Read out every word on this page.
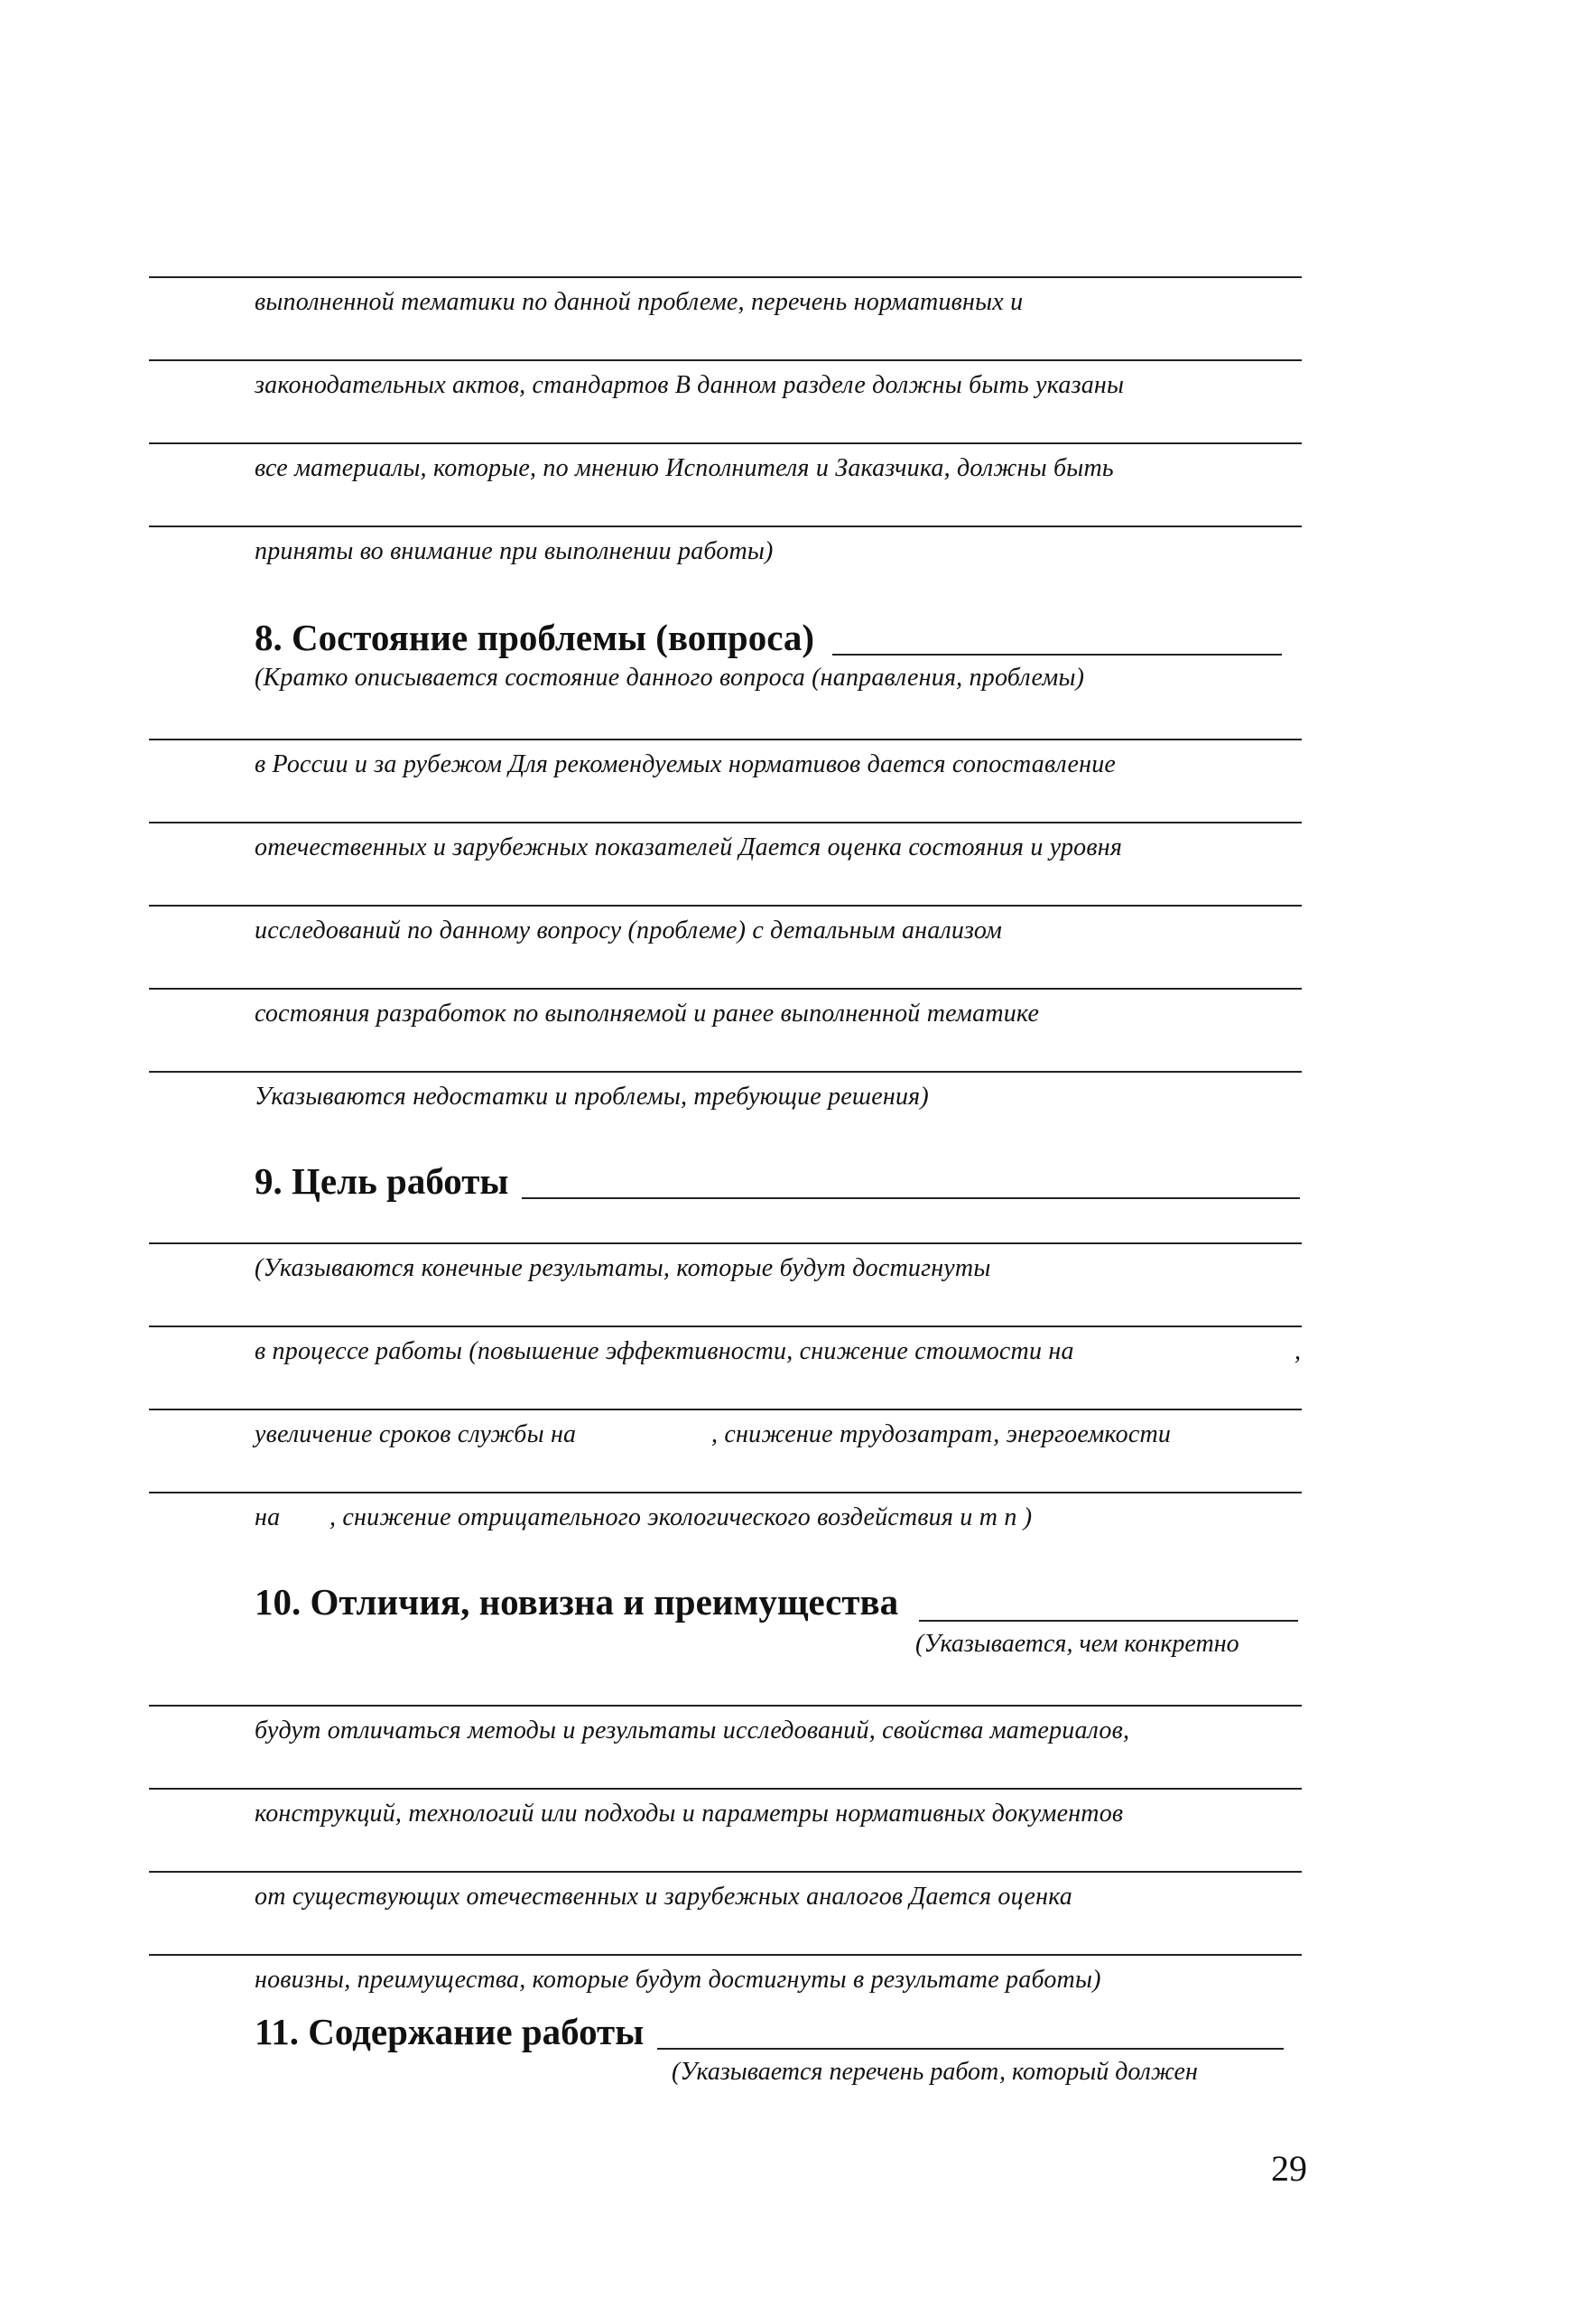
выполненной тематики по данной проблеме, перечень нормативных и
законодательных актов, стандартов В данном разделе должны быть указаны
все материалы, которые, по мнению Исполнителя и Заказчика, должны быть
приняты во внимание при выполнении работы)
8. Состояние проблемы (вопроса)
(Кратко описывается состояние данного вопроса (направления, проблемы)
в России и за рубежом Для рекомендуемых нормативов дается сопоставление
отечественных и зарубежных показателей Дается оценка состояния и уровня
исследований по данному вопросу (проблеме) с детальным анализом
состояния разработок по выполняемой и ранее выполненной тематике
Указываются недостатки и проблемы, требующие решения)
9. Цель работы
(Указываются конечные результаты, которые будут достигнуты
в процессе работы (повышение эффективности, снижение стоимости на	,
увеличение сроков службы на	, снижение трудозатрат, энергоемкости
на , снижение отрицательного экологического воздействия и т п )
10. Отличия, новизна и преимущества
(Указывается, чем конкретно
будут отличаться методы и результаты исследований, свойства материалов,
конструкций, технологий или подходы и параметры нормативных документов
от существующих отечественных и зарубежных аналогов Дается оценка
новизны, преимущества, которые будут достигнуты в результате работы)
11. Содержание работы
(Указывается перечень работ, который должен
29
